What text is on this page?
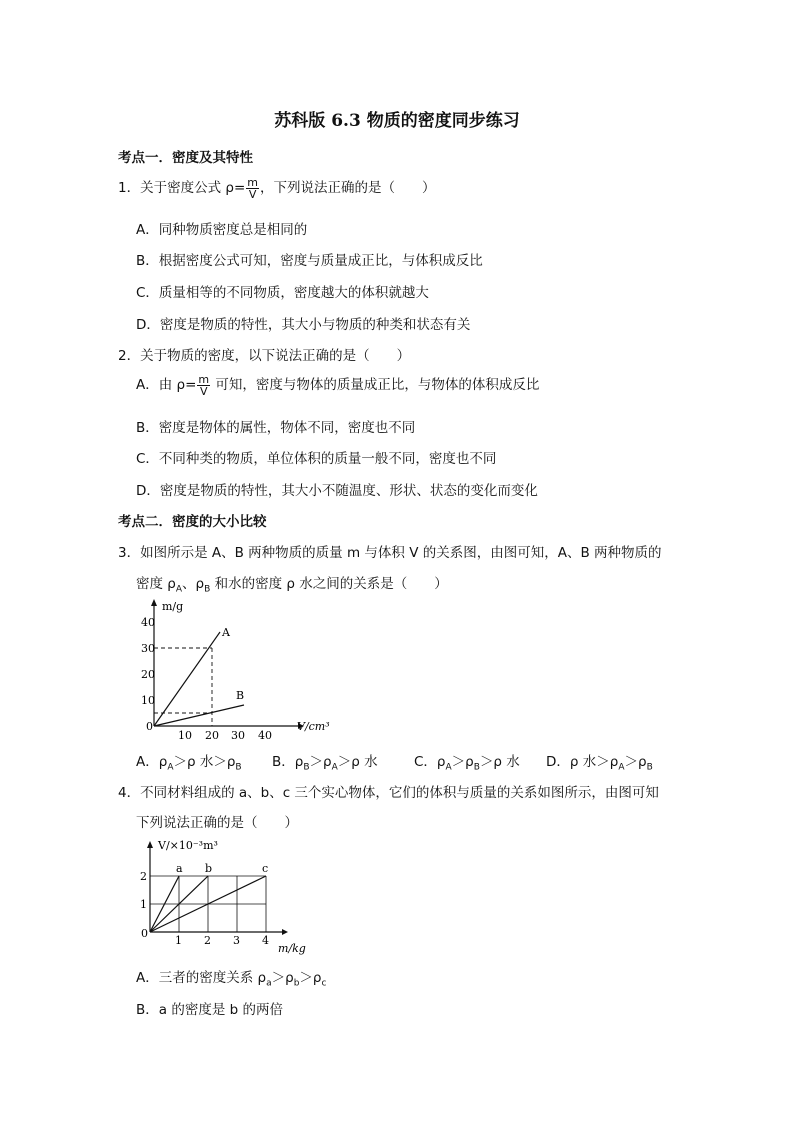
苏科版 6.3 物质的密度同步练习
考点一．密度及其特性
1．关于密度公式 $\rho= \frac{m}{V}$ ，下列说法正确的是（　　）
A．同种物质密度总是相同的
B．根据密度公式可知，密度与质量成正比，与体积成反比
C．质量相等的不同物质，密度越大的体积就越大
D．密度是物质的特性，其大小与物质的种类和状态有关
2．关于物质的密度，以下说法正确的是（　　）
A．由 $\rho= \frac{m}{V}$ 可知，密度与物体的质量成正比，与物体的体积成反比
B．密度是物体的属性，物体不同，密度也不同
C．不同种类的物质，单位体积的质量一般不同，密度也不同
D．密度是物质的特性，其大小不随温度、形状、状态的变化而变化
考点二．密度的大小比较
3．如图所示是 A、B 两种物质的质量 m 与体积 V 的关系图，由图可知，A、B 两种物质的
密度 $\rho_A$、$\rho_B$ 和水的密度 ρ 水之间的关系是（　　）
m/g
V/cm³
A
B
40
30
20
10
0
10 20 30 40
A．$\rho_A>\rho$ 水$>\rho_B$ B．$\rho_B>\rho_A>\rho$ 水	C．$\rho_A>\rho_B>\rho$ 水 D．ρ 水$>\rho_A>\rho_B$
4．不同材料组成的 a、b、c 三个实心物体，它们的体积与质量的关系如图所示，由图可知
下列说法正确的是（　　）
V/×10⁻³m³
a b	c
2
1
0
1 2 3 4
m/kg
A．三者的密度关系 $\rho_a>\rho_b>\rho_c$
B．a 的密度是 b 的两倍
